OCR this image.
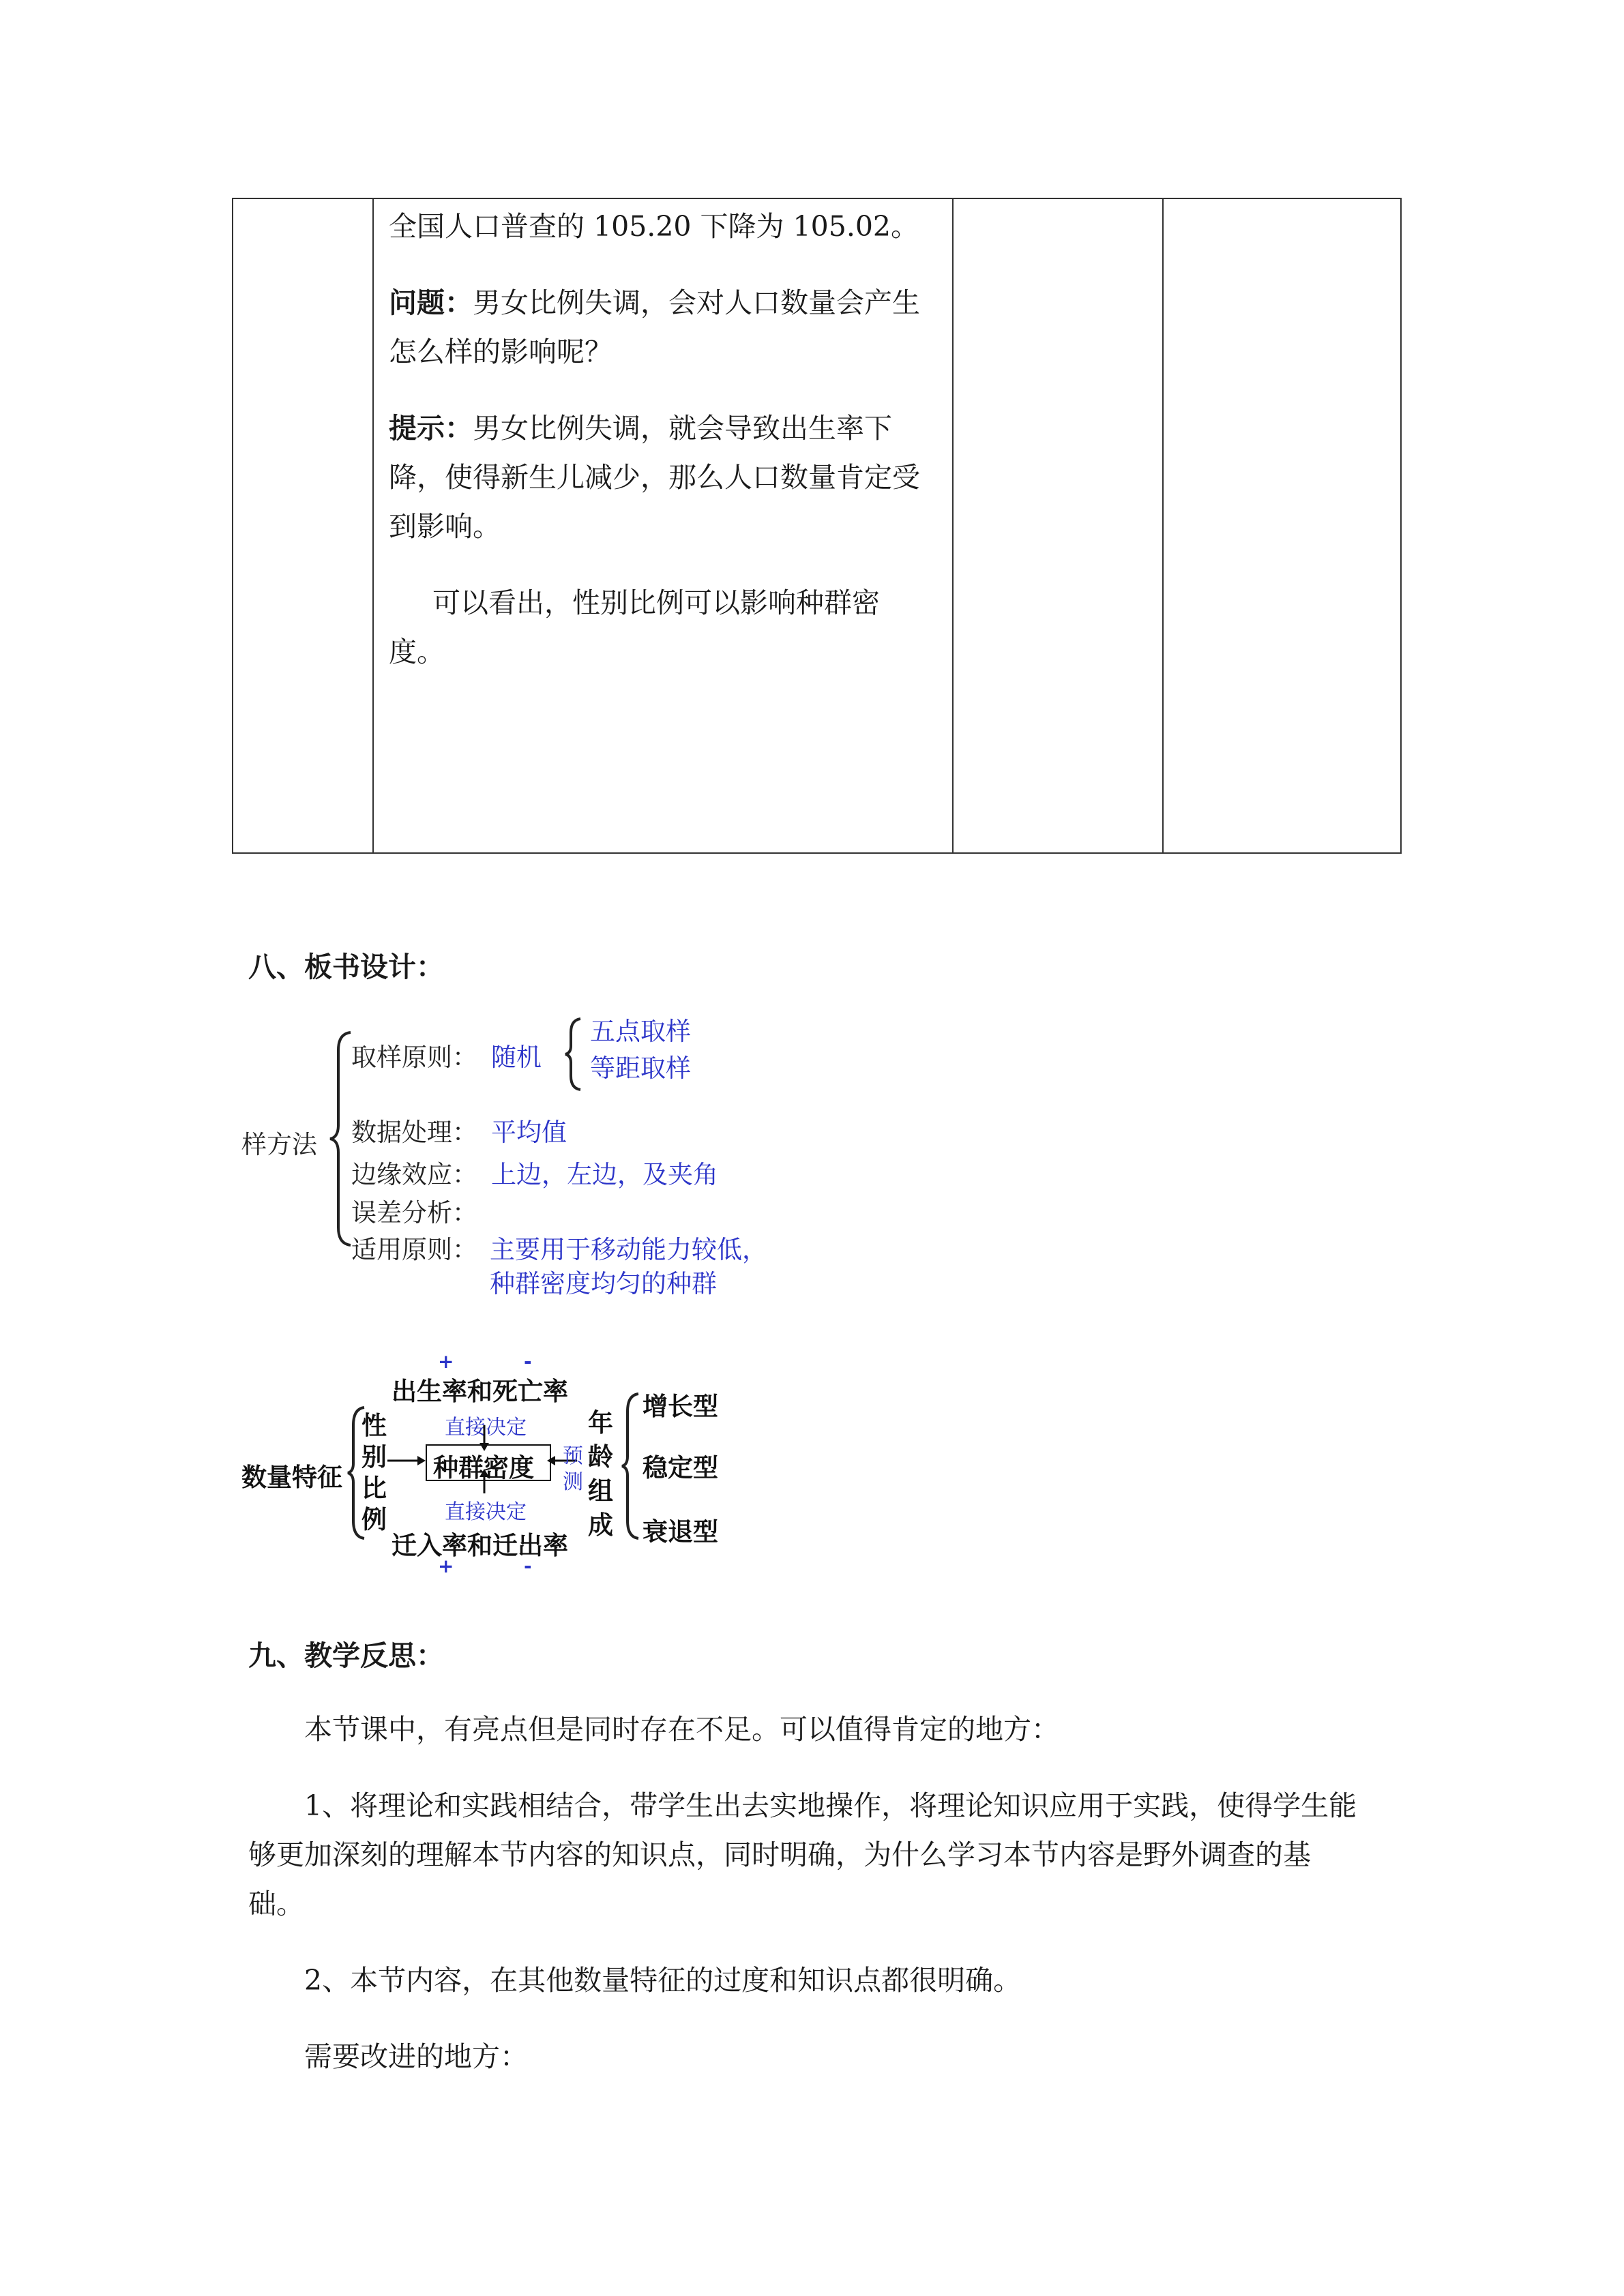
全国人口普查的 105.20 下降为 105.02。

问题：男女比例失调，会对人口数量会产生怎么样的影响呢？

提示：男女比例失调，就会导致出生率下降，使得新生儿减少，那么人口数量肯定受到影响。

可以看出，性别比例可以影响种群密度。

八、板书设计：
样方法
取样原则： 随机
五点取样
等距取样
数据处理： 平均值
边缘效应： 上边，左边，及夹角
误差分析：
适用原则： 主要用于移动能力较低，
种群密度均匀的种群
数量特征
性
别
比
例
+	-
出生率和死亡率
直接决定
种群密度 预
测
直接决定
迁入率和迁出率
+	-
年
龄
组
成
增长型
稳定型
衰退型
九、教学反思：

本节课中，有亮点但是同时存在不足。可以值得肯定的地方：

1、将理论和实践相结合，带学生出去实地操作，将理论知识应用于实践，使得学生能

够更加深刻的理解本节内容的知识点，同时明确，为什么学习本节内容是野外调查的基

础。

2、本节内容，在其他数量特征的过度和知识点都很明确。

需要改进的地方：
